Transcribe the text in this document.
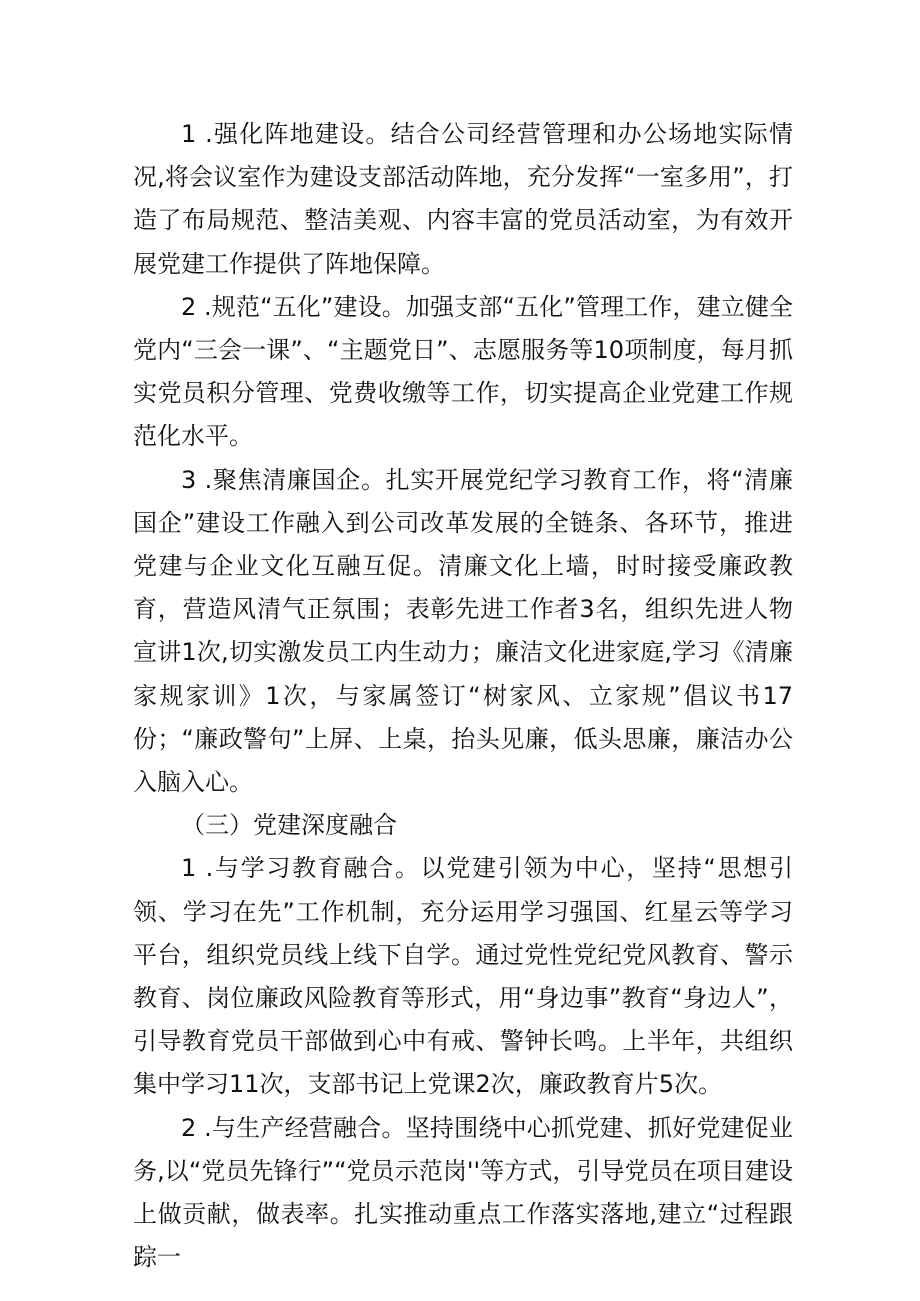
1 .强化阵地建设。结合公司经营管理和办公场地实际情况,将会议室作为建设支部活动阵地，充分发挥“一室多用”，打造了布局规范、整洁美观、内容丰富的党员活动室，为有效开展党建工作提供了阵地保障。

2 .规范“五化”建设。加强支部“五化”管理工作，建立健全党内“三会一课”、“主题党日”、志愿服务等10项制度，每月抓实党员积分管理、党费收缴等工作，切实提高企业党建工作规范化水平。

3 .聚焦清廉国企。扎实开展党纪学习教育工作，将“清廉国企”建设工作融入到公司改革发展的全链条、各环节，推进党建与企业文化互融互促。清廉文化上墙，时时接受廉政教育，营造风清气正氛围；表彰先进工作者3名，组织先进人物宣讲1次,切实激发员工内生动力；廉洁文化进家庭,学习《清廉家规家训》1次，与家属签订“树家风、立家规”倡议书17份；“廉政警句”上屏、上桌，抬头见廉，低头思廉，廉洁办公入脑入心。

（三）党建深度融合

1 .与学习教育融合。以党建引领为中心，坚持“思想引领、学习在先”工作机制，充分运用学习强国、红星云等学习平台，组织党员线上线下自学。通过党性党纪党风教育、警示教育、岗位廉政风险教育等形式，用“身边事”教育“身边人”，引导教育党员干部做到心中有戒、警钟长鸣。上半年，共组织集中学习11次，支部书记上党课2次，廉政教育片5次。

2 .与生产经营融合。坚持围绕中心抓党建、抓好党建促业务,以“党员先锋行”“党员示范岗''等方式，引导党员在项目建设上做贡献，做表率。扎实推动重点工作落实落地,建立“过程跟踪一
